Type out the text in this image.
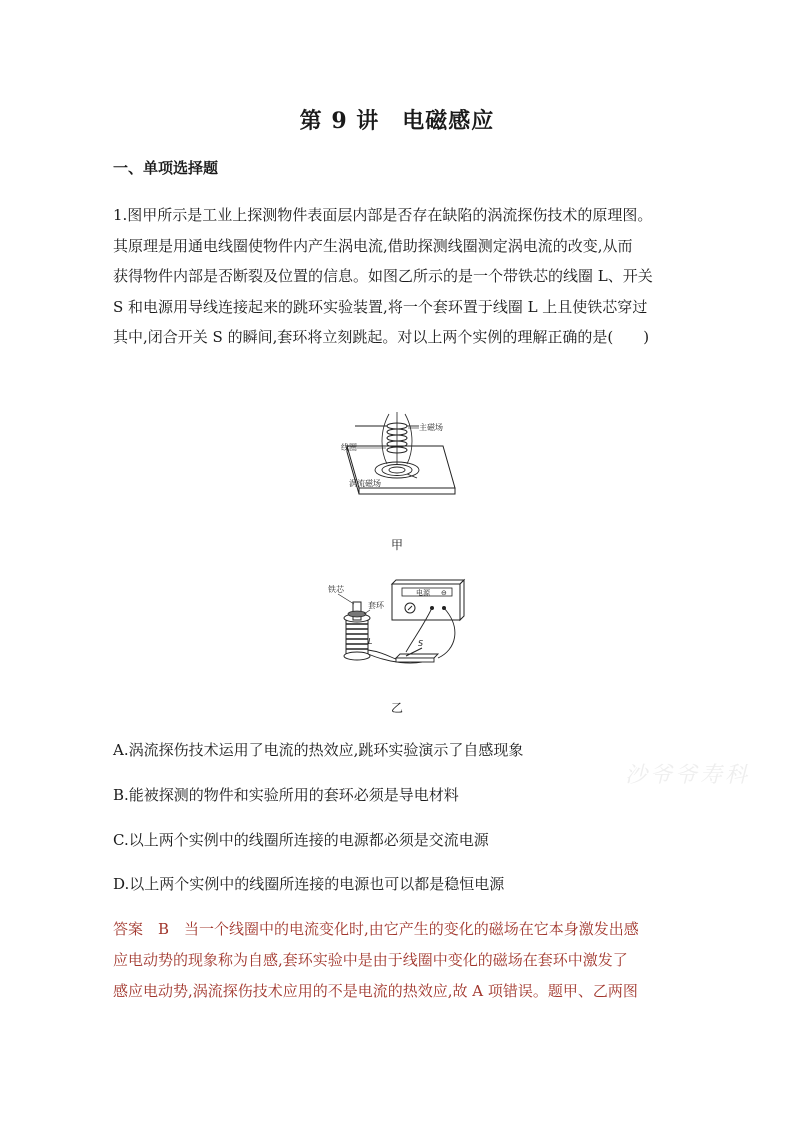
第 9 讲　电磁感应
一、单项选择题

1.图甲所示是工业上探测物件表面层内部是否存在缺陷的涡流探伤技术的原理图。

其原理是用通电线圈使物件内产生涡电流,借助探测线圈测定涡电流的改变,从而

获得物件内部是否断裂及位置的信息。如图乙所示的是一个带铁芯的线圈 L、开关

S 和电源用导线连接起来的跳环实验装置,将一个套环置于线圈 L 上且使铁芯穿过

其中,闭合开关 S 的瞬间,套环将立刻跳起。对以上两个实例的理解正确的是(　　)

主磁场
线圈
涡流磁场
甲
电源 ⊖
铁芯
套环
L	S
乙
A.涡流探伤技术运用了电流的热效应,跳环实验演示了自感现象
B.能被探测的物件和实验所用的套环必须是导电材料
C.以上两个实例中的线圈所连接的电源都必须是交流电源
D.以上两个实例中的线圈所连接的电源也可以都是稳恒电源
沙爷爷寿科

答案　B　当一个线圈中的电流变化时,由它产生的变化的磁场在它本身激发出感

应电动势的现象称为自感,套环实验中是由于线圈中变化的磁场在套环中激发了

感应电动势,涡流探伤技术应用的不是电流的热效应,故 A 项错误。题甲、乙两图
